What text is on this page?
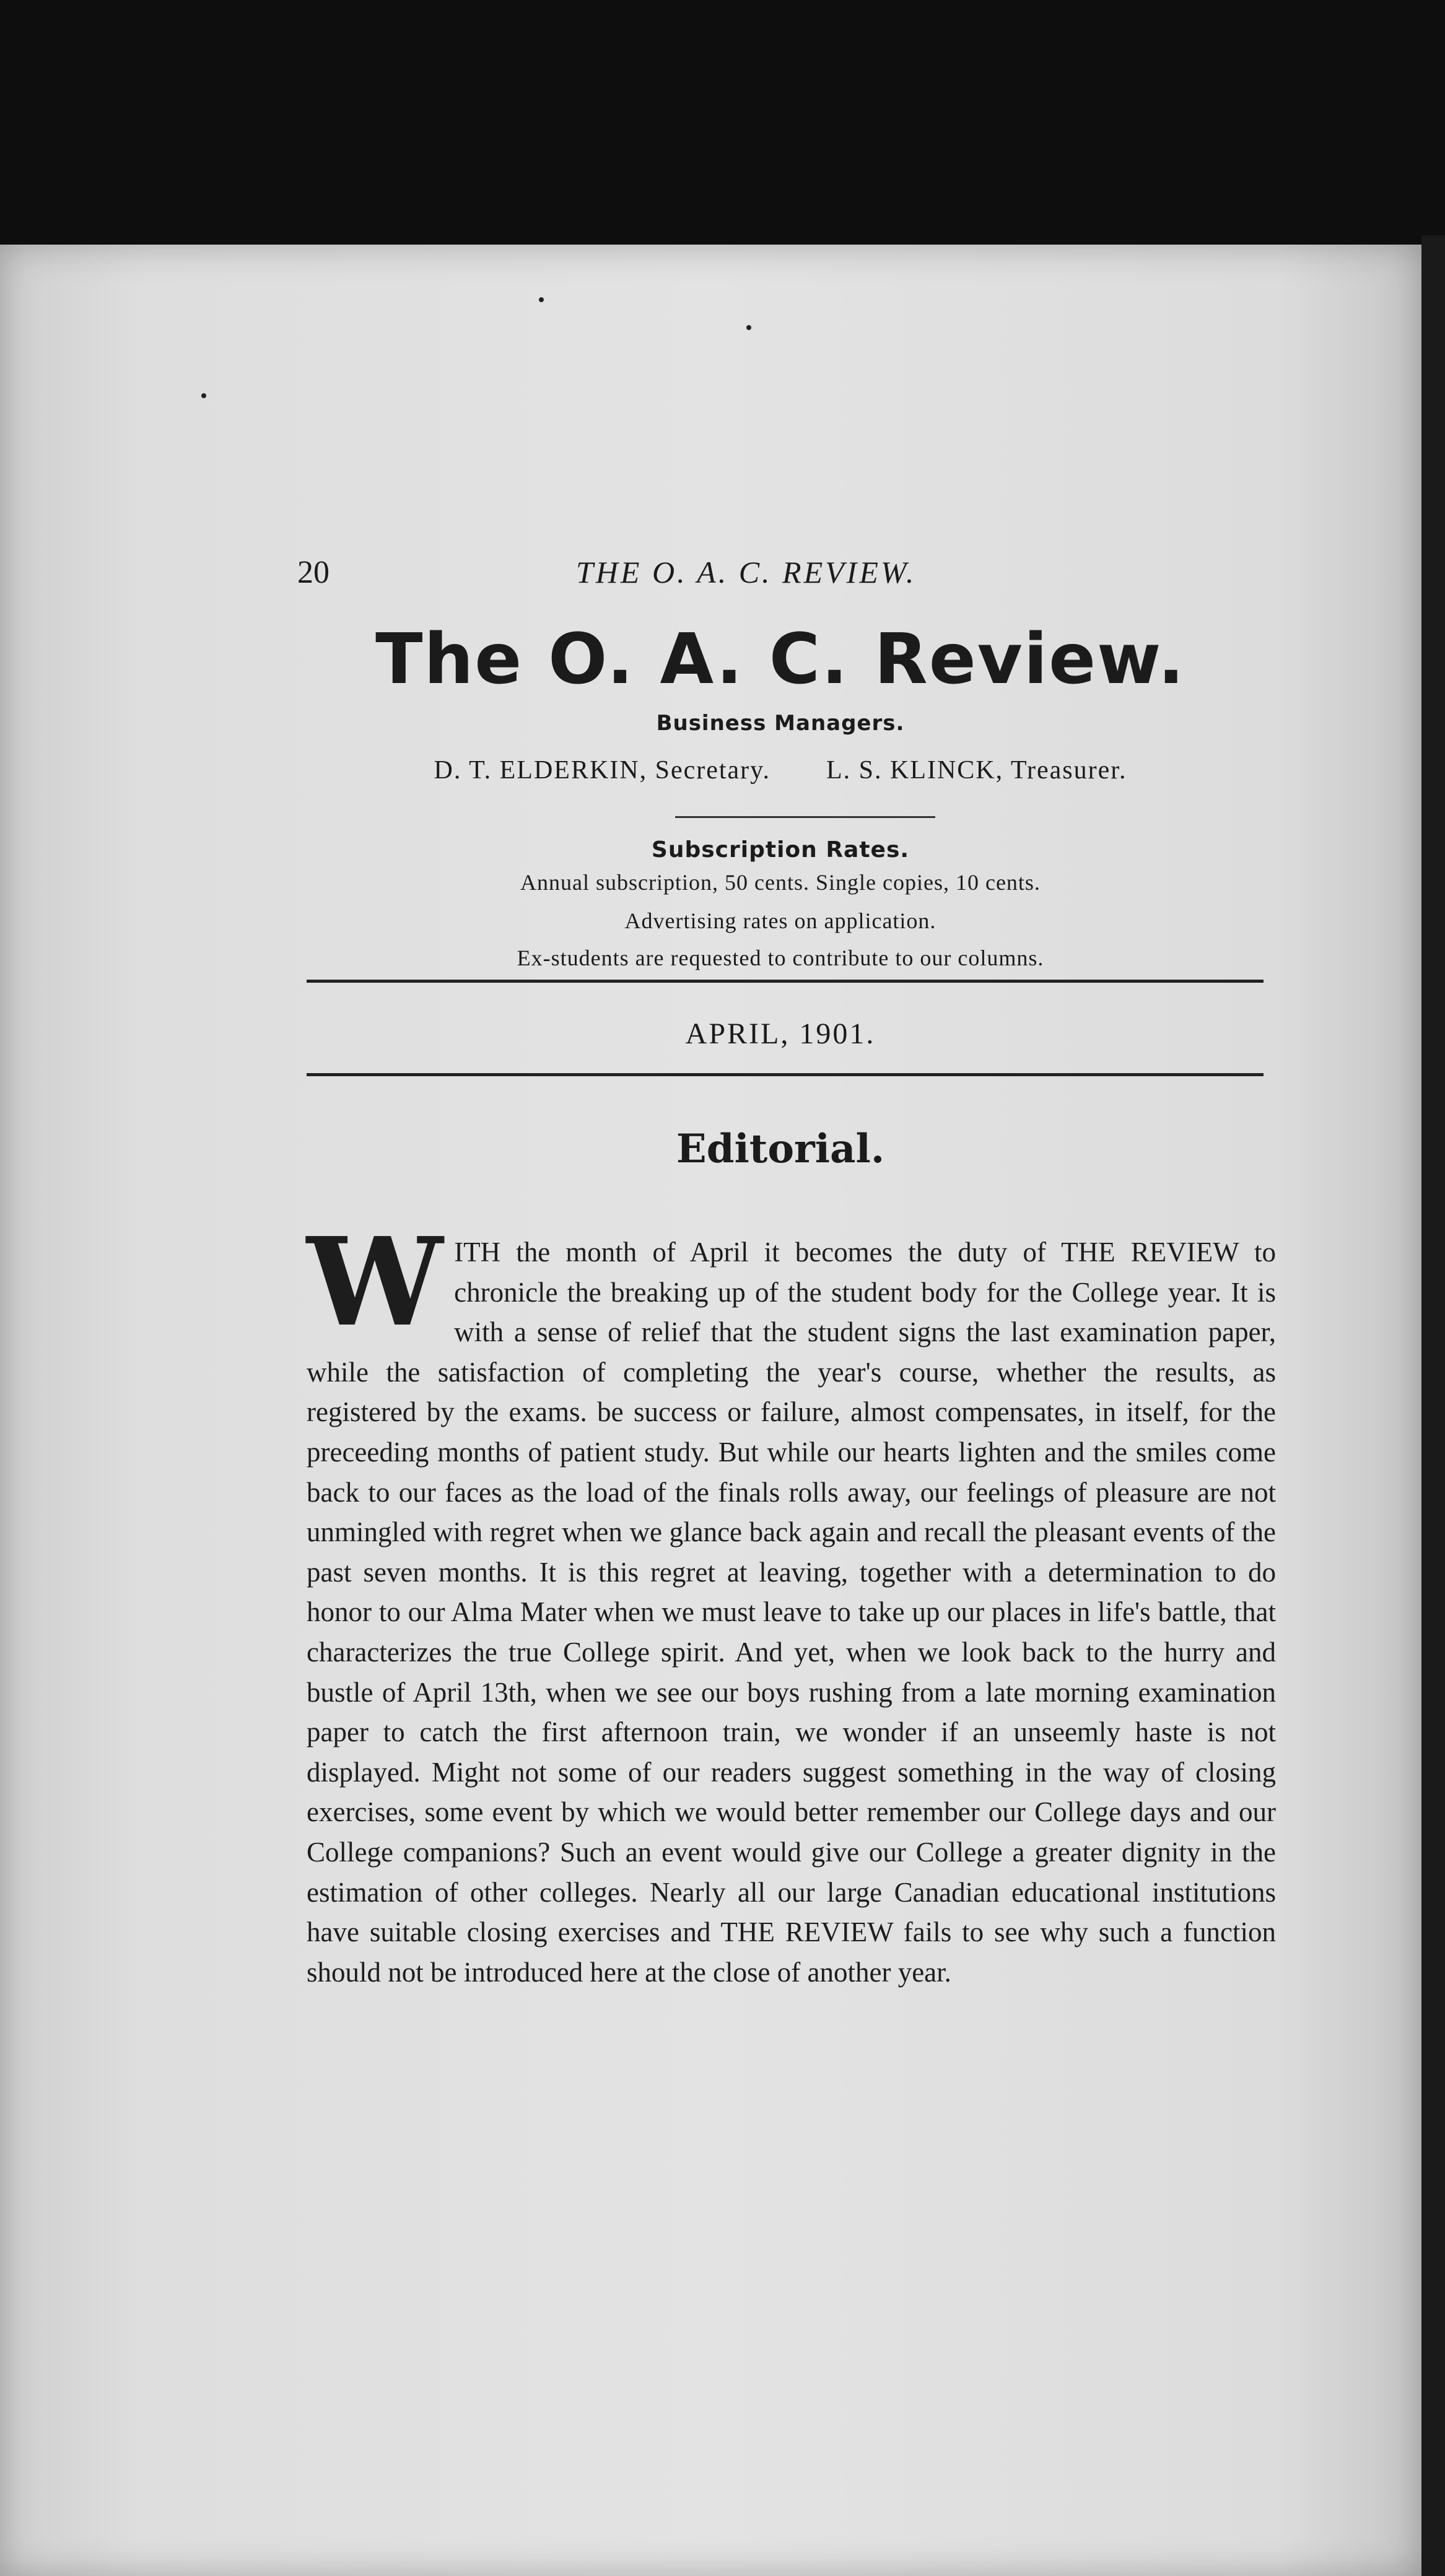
20	THE O. A. C. REVIEW.
The O. A. C. Review.
Business Managers.
D. T. ELDERKIN, Secretary. L. S. KLINCK, Treasurer.
Subscription Rates.
Annual subscription, 50 cents. Single copies, 10 cents.
Advertising rates on application.
Ex-students are requested to contribute to our columns.
APRIL, 1901.
Editorial.
W ITH the month of April it becomes the duty of THE REVIEW to chronicle the breaking up of the student body for the College year. It is with a sense of relief that the student signs the last examination paper, while the satisfaction of completing the year's course, whether the results, as registered by the exams. be success or failure, almost compensates, in itself, for the preceeding months of patient study. But while our hearts lighten and the smiles come back to our faces as the load of the finals rolls away, our feelings of pleasure are not unmingled with regret when we glance back again and recall the pleasant events of the past seven months. It is this regret at leaving, together with a determination to do honor to our Alma Mater when we must leave to take up our places in life's battle, that characterizes the true College spirit. And yet, when we look back to the hurry and bustle of April 13th, when we see our boys rushing from a late morning examination paper to catch the first afternoon train, we wonder if an unseemly haste is not displayed. Might not some of our readers suggest something in the way of closing exercises, some event by which we would better remember our College days and our College companions? Such an event would give our College a greater dignity in the estimation of other colleges. Nearly all our large Canadian educational institutions have suitable closing exercises and THE REVIEW fails to see why such a function should not be introduced here at the close of another year.
